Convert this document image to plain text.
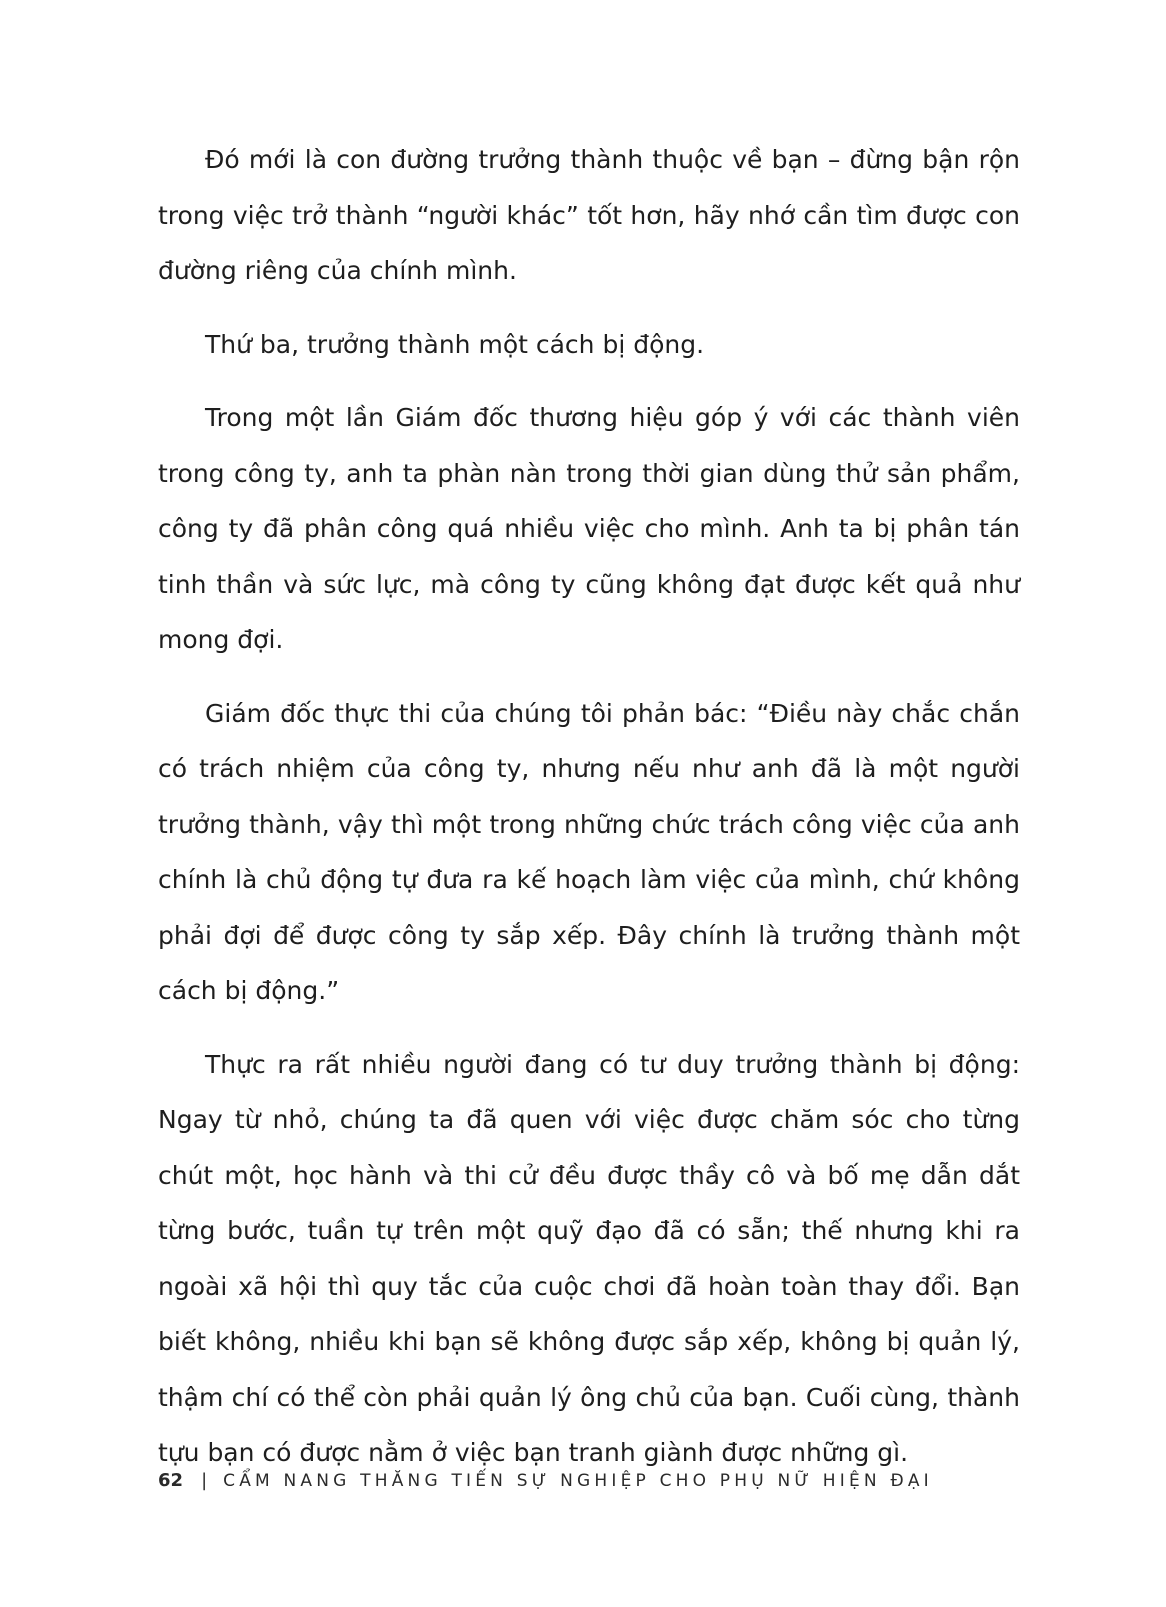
Đó mới là con đường trưởng thành thuộc về bạn – đừng bận rộn trong việc trở thành “người khác” tốt hơn, hãy nhớ cần tìm được con đường riêng của chính mình.

Thứ ba, trưởng thành một cách bị động.

Trong một lần Giám đốc thương hiệu góp ý với các thành viên trong công ty, anh ta phàn nàn trong thời gian dùng thử sản phẩm, công ty đã phân công quá nhiều việc cho mình. Anh ta bị phân tán tinh thần và sức lực, mà công ty cũng không đạt được kết quả như mong đợi.

Giám đốc thực thi của chúng tôi phản bác: “Điều này chắc chắn có trách nhiệm của công ty, nhưng nếu như anh đã là một người trưởng thành, vậy thì một trong những chức trách công việc của anh chính là chủ động tự đưa ra kế hoạch làm việc của mình, chứ không phải đợi để được công ty sắp xếp. Đây chính là trưởng thành một cách bị động.”

Thực ra rất nhiều người đang có tư duy trưởng thành bị động: Ngay từ nhỏ, chúng ta đã quen với việc được chăm sóc cho từng chút một, học hành và thi cử đều được thầy cô và bố mẹ dẫn dắt từng bước, tuần tự trên một quỹ đạo đã có sẵn; thế nhưng khi ra ngoài xã hội thì quy tắc của cuộc chơi đã hoàn toàn thay đổi. Bạn biết không, nhiều khi bạn sẽ không được sắp xếp, không bị quản lý, thậm chí có thể còn phải quản lý ông chủ của bạn. Cuối cùng, thành tựu bạn có được nằm ở việc bạn tranh giành được những gì.

62 | CẨM NANG THĂNG TIẾN SỰ NGHIỆP CHO PHỤ NỮ HIỆN ĐẠI
